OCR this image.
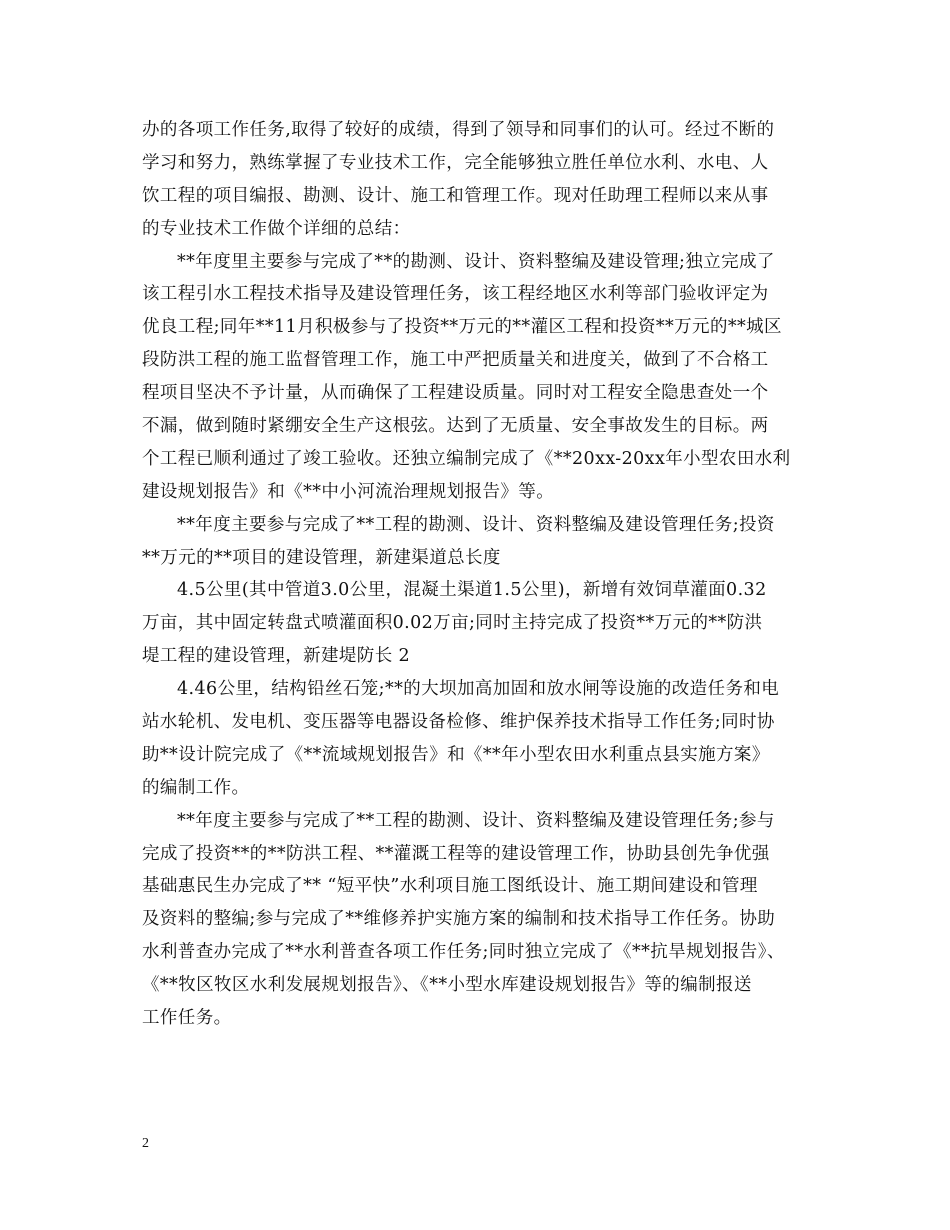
办的各项工作任务,取得了较好的成绩，得到了领导和同事们的认可。经过不断的
学习和努力，熟练掌握了专业技术工作，完全能够独立胜任单位水利、水电、人
饮工程的项目编报、勘测、设计、施工和管理工作。现对任助理工程师以来从事
的专业技术工作做个详细的总结：
**年度里主要参与完成了**的勘测、设计、资料整编及建设管理;独立完成了
该工程引水工程技术指导及建设管理任务，该工程经地区水利等部门验收评定为
优良工程;同年**11月积极参与了投资**万元的**灌区工程和投资**万元的**城区
段防洪工程的施工监督管理工作，施工中严把质量关和进度关，做到了不合格工
程项目坚决不予计量，从而确保了工程建设质量。同时对工程安全隐患查处一个
不漏，做到随时紧绷安全生产这根弦。达到了无质量、安全事故发生的目标。两
个工程已顺利通过了竣工验收。还独立编制完成了《**20xx-20xx年小型农田水利
建设规划报告》和《**中小河流治理规划报告》等。
**年度主要参与完成了**工程的勘测、设计、资料整编及建设管理任务;投资
**万元的**项目的建设管理，新建渠道总长度
4.5公里(其中管道3.0公里，混凝土渠道1.5公里)，新增有效饲草灌面0.32
万亩，其中固定转盘式喷灌面积0.02万亩;同时主持完成了投资**万元的**防洪
堤工程的建设管理，新建堤防长 2
4.46公里，结构铅丝石笼;**的大坝加高加固和放水闸等设施的改造任务和电
站水轮机、发电机、变压器等电器设备检修、维护保养技术指导工作任务;同时协
助**设计院完成了《**流域规划报告》和《**年小型农田水利重点县实施方案》
的编制工作。
**年度主要参与完成了**工程的勘测、设计、资料整编及建设管理任务;参与
完成了投资**的**防洪工程、**灌溉工程等的建设管理工作，协助县创先争优强
基础惠民生办完成了** “短平快”水利项目施工图纸设计、施工期间建设和管理
及资料的整编;参与完成了**维修养护实施方案的编制和技术指导工作任务。协助
水利普查办完成了**水利普查各项工作任务;同时独立完成了《**抗旱规划报告》、
《**牧区牧区水利发展规划报告》、《**小型水库建设规划报告》等的编制报送
工作任务。
2
